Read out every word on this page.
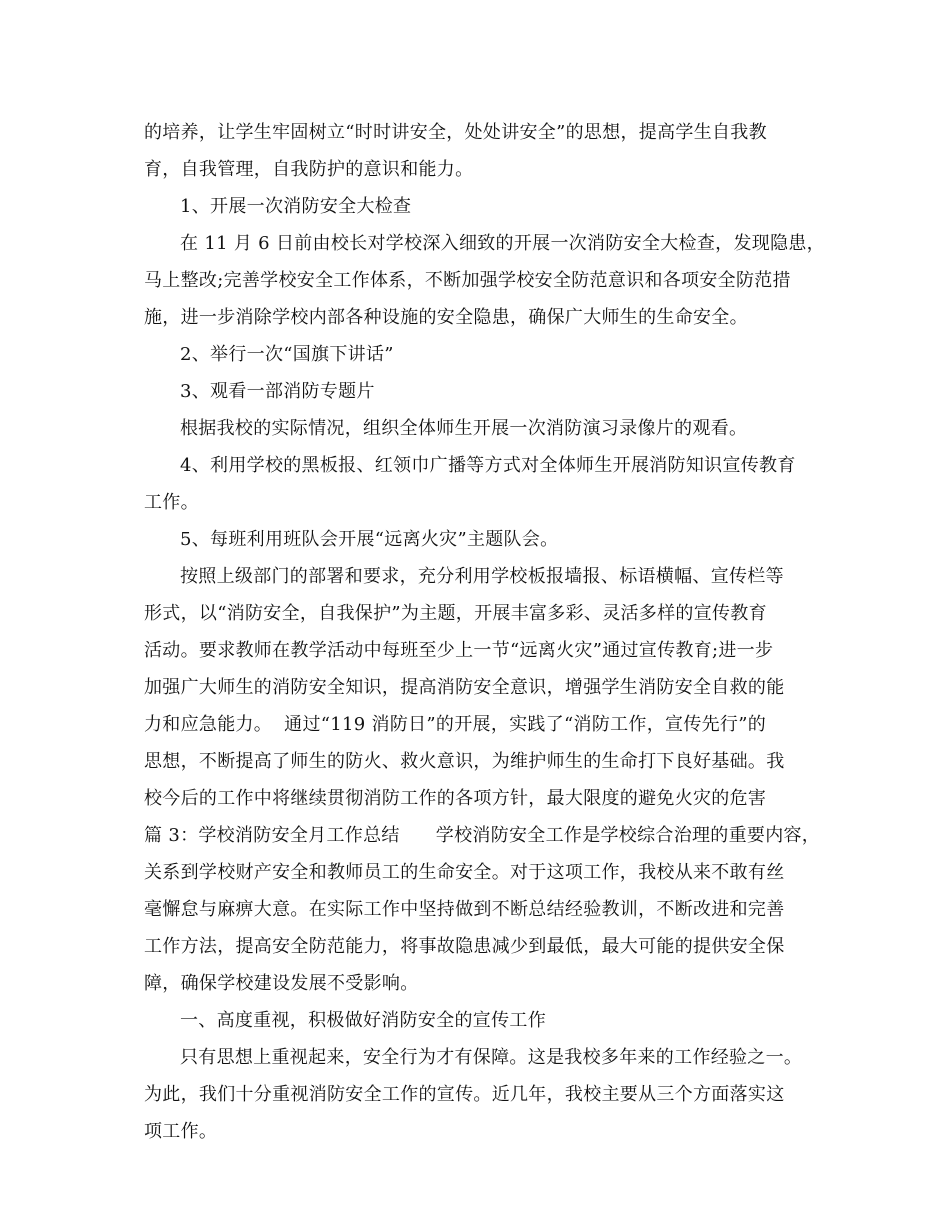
的培养，让学生牢固树立“时时讲安全，处处讲安全”的思想，提高学生自我教
育，自我管理，自我防护的意识和能力。
1、开展一次消防安全大检查
在 11 月 6 日前由校长对学校深入细致的开展一次消防安全大检查，发现隐患，
马上整改;完善学校安全工作体系，不断加强学校安全防范意识和各项安全防范措
施，进一步消除学校内部各种设施的安全隐患，确保广大师生的生命安全。
2、举行一次“国旗下讲话”
3、观看一部消防专题片
根据我校的实际情况，组织全体师生开展一次消防演习录像片的观看。
4、利用学校的黑板报、红领巾广播等方式对全体师生开展消防知识宣传教育
工作。
5、每班利用班队会开展“远离火灾”主题队会。
按照上级部门的部署和要求，充分利用学校板报墙报、标语横幅、宣传栏等
形式，以“消防安全，自我保护”为主题，开展丰富多彩、灵活多样的宣传教育
活动。要求教师在教学活动中每班至少上一节“远离火灾”通过宣传教育;进一步
加强广大师生的消防安全知识，提高消防安全意识，增强学生消防安全自救的能
力和应急能力。  通过“119 消防日”的开展，实践了“消防工作，宣传先行”的
思想，不断提高了师生的防火、救火意识，为维护师生的生命打下良好基础。我
校今后的工作中将继续贯彻消防工作的各项方针，最大限度的避免火灾的危害
篇 3：学校消防安全月工作总结      学校消防安全工作是学校综合治理的重要内容，
关系到学校财产安全和教师员工的生命安全。对于这项工作，我校从来不敢有丝
毫懈怠与麻痹大意。在实际工作中坚持做到不断总结经验教训，不断改进和完善
工作方法，提高安全防范能力，将事故隐患减少到最低，最大可能的提供安全保
障，确保学校建设发展不受影响。
一、高度重视，积极做好消防安全的宣传工作
只有思想上重视起来，安全行为才有保障。这是我校多年来的工作经验之一。
为此，我们十分重视消防安全工作的宣传。近几年，我校主要从三个方面落实这
项工作。
